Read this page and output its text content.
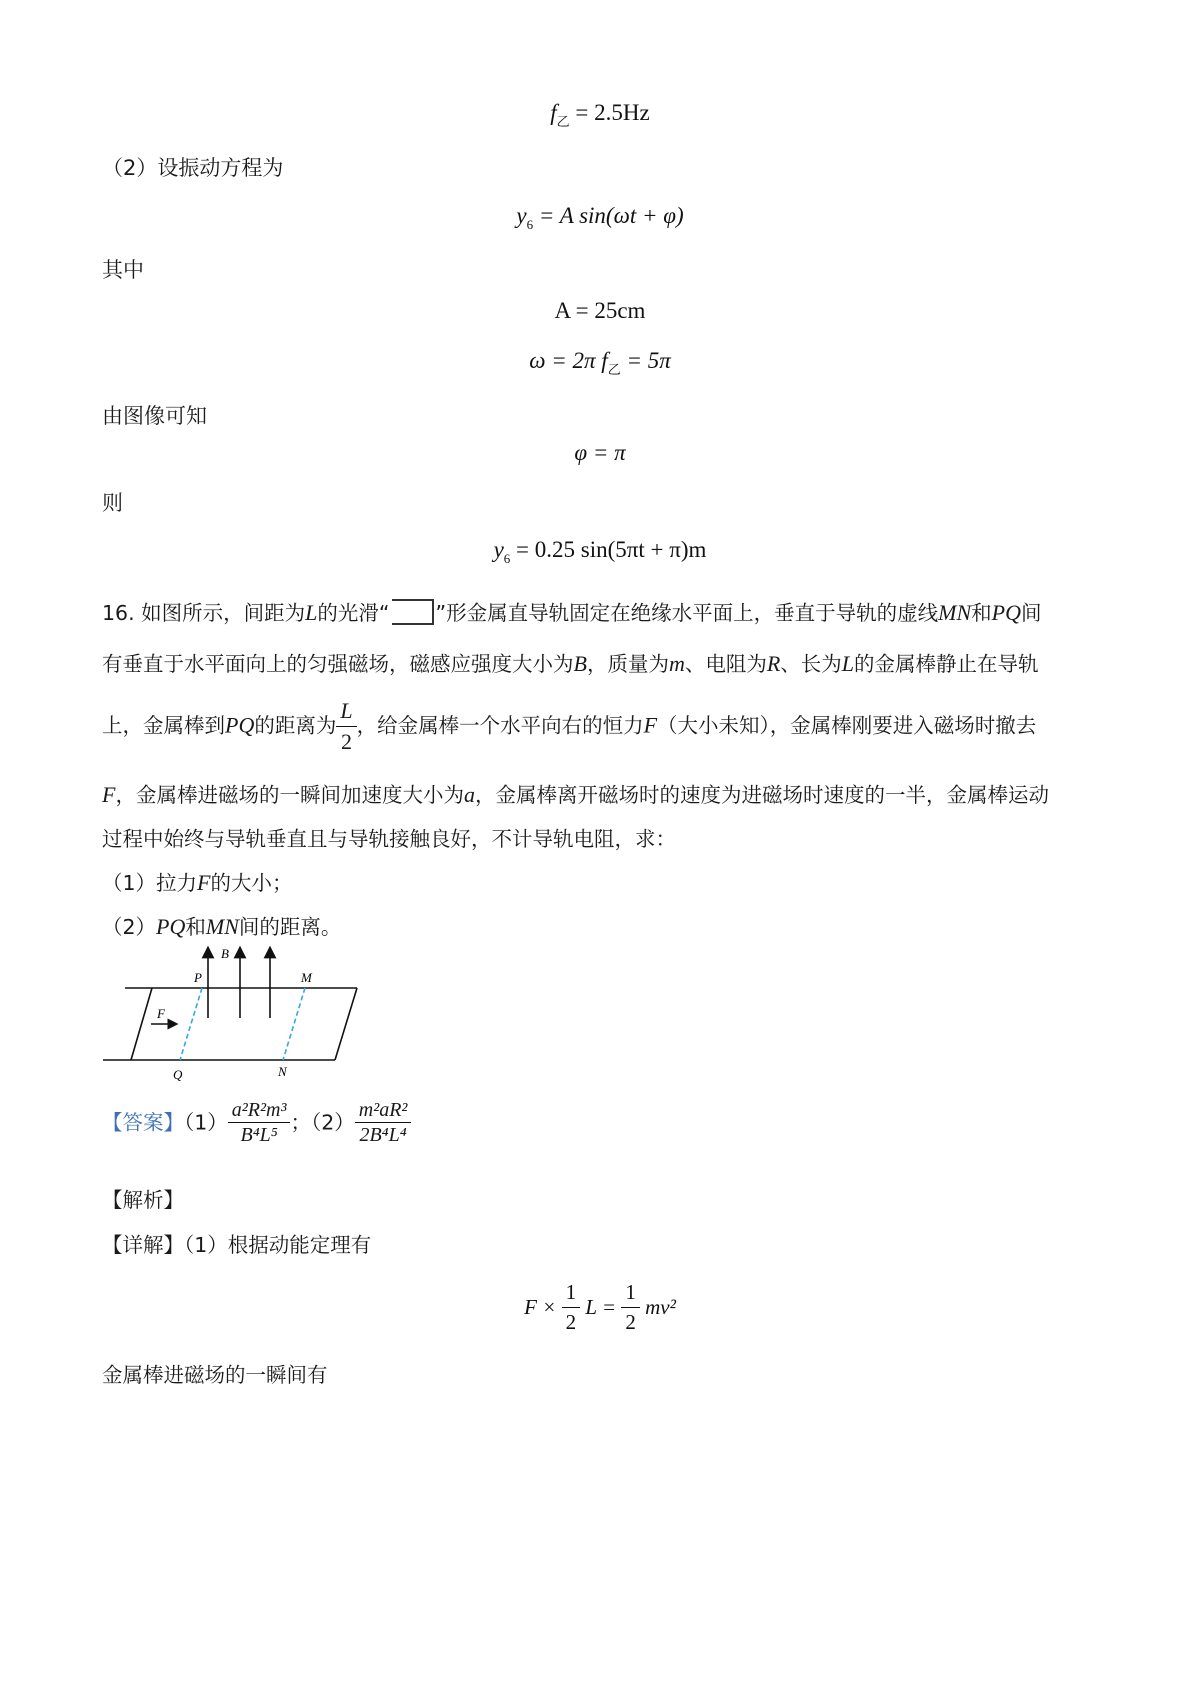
$f_乙 = 2.5Hz$
（2）设振动方程为
$y_6 = A$ sin(ωt + φ)
其中
A = 25cm
ω = 2π $f_乙 = 5\pi$
由图像可知
φ = π
则
$y_6 = 0.25$ sin(5πt + π)m
16. 如图所示，间距为L的光滑“ ”形金属直导轨固定在绝缘水平面上，垂直于导轨的虚线MN和PQ间
有垂直于水平面向上的匀强磁场，磁感应强度大小为B，质量为m、电阻为R、长为L的金属棒静止在导轨
上，金属棒到PQ的距离为 $\frac{L}{2}$ ，给金属棒一个水平向右的恒力F（大小未知），金属棒刚要进入磁场时撤去
F，金属棒进磁场的一瞬间加速度大小为a，金属棒离开磁场时的速度为进磁场时速度的一半，金属棒运动
过程中始终与导轨垂直且与导轨接触良好，不计导轨电阻，求：
（1）拉力F的大小；
（2）PQ和MN间的距离。
B
P	M
F
Q	N
【答案】$(1) \frac{\text{a²R²m³}}{\text{B⁴L⁵}}$ ；$(2) \frac{\text{m²aR²}}{\text{2B⁴L⁴}}$
【解析】
【详解】（1）根据动能定理有
$F \times \frac{1}{2}$ $L = \frac{1}{2} mv^2$
金属棒进磁场的一瞬间有
